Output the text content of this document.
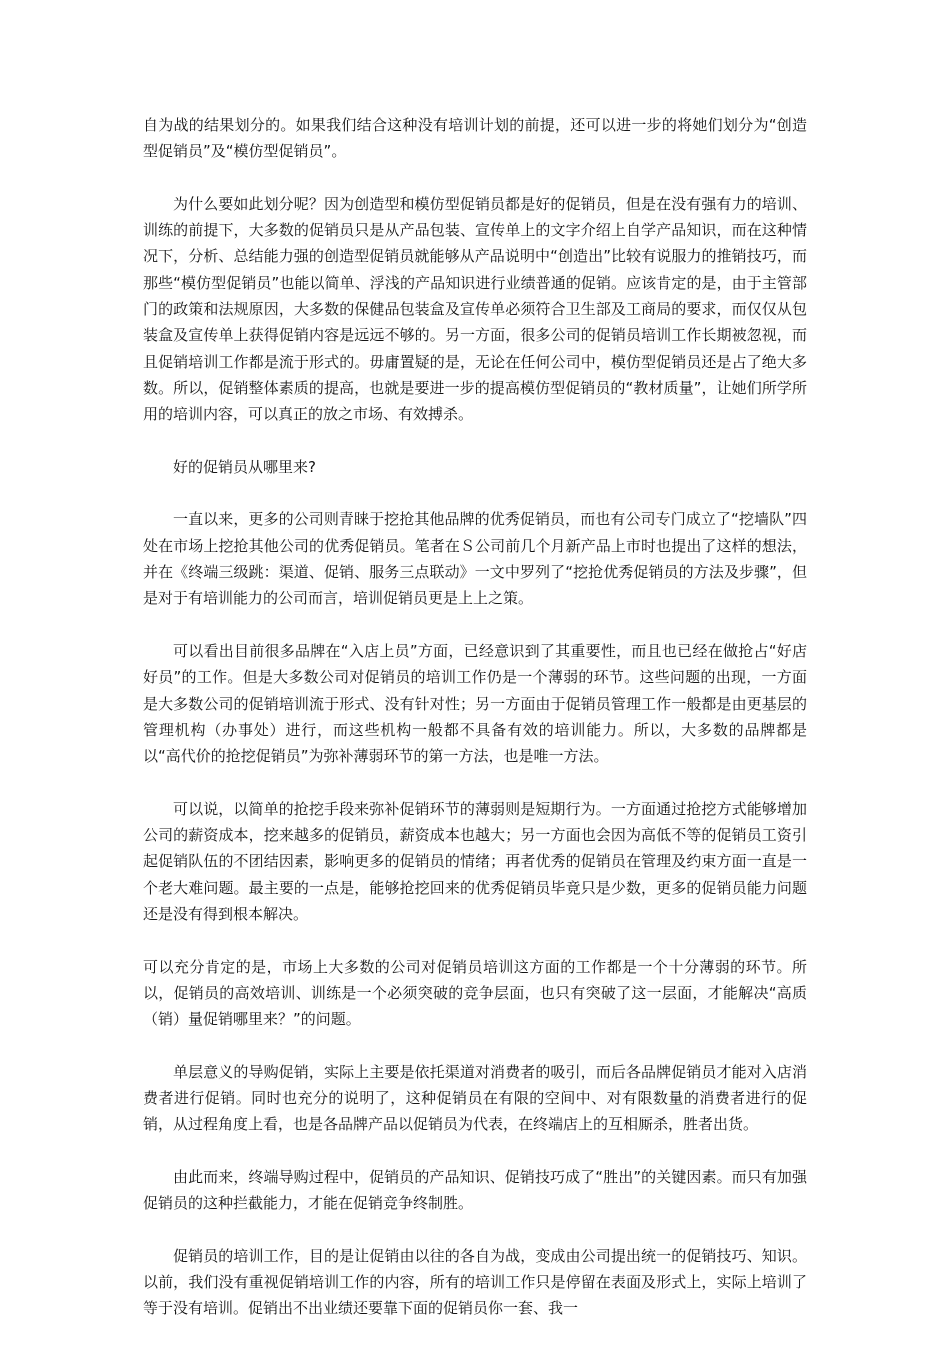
自为战的结果划分的。如果我们结合这种没有培训计划的前提，还可以进一步的将她们划分为“创造型促销员”及“模仿型促销员”。

为什么要如此划分呢？因为创造型和模仿型促销员都是好的促销员，但是在没有强有力的培训、训练的前提下，大多数的促销员只是从产品包装、宣传单上的文字介绍上自学产品知识，而在这种情况下，分析、总结能力强的创造型促销员就能够从产品说明中“创造出”比较有说服力的推销技巧，而那些“模仿型促销员”也能以简单、浮浅的产品知识进行业绩普通的促销。应该肯定的是，由于主管部门的政策和法规原因，大多数的保健品包装盒及宣传单必须符合卫生部及工商局的要求，而仅仅从包装盒及宣传单上获得促销内容是远远不够的。另一方面，很多公司的促销员培训工作长期被忽视，而且促销培训工作都是流于形式的。毋庸置疑的是，无论在任何公司中，模仿型促销员还是占了绝大多数。所以，促销整体素质的提高，也就是要进一步的提高模仿型促销员的“教材质量”，让她们所学所用的培训内容，可以真正的放之市场、有效搏杀。

好的促销员从哪里来?

一直以来，更多的公司则青睐于挖抢其他品牌的优秀促销员，而也有公司专门成立了“挖墙队”四处在市场上挖抢其他公司的优秀促销员。笔者在Ｓ公司前几个月新产品上市时也提出了这样的想法，并在《终端三级跳：渠道、促销、服务三点联动》一文中罗列了“挖抢优秀促销员的方法及步骤”，但是对于有培训能力的公司而言，培训促销员更是上上之策。

可以看出目前很多品牌在“入店上员”方面，已经意识到了其重要性，而且也已经在做抢占“好店好员”的工作。但是大多数公司对促销员的培训工作仍是一个薄弱的环节。这些问题的出现，一方面是大多数公司的促销培训流于形式、没有针对性；另一方面由于促销员管理工作一般都是由更基层的管理机构（办事处）进行，而这些机构一般都不具备有效的培训能力。所以，大多数的品牌都是以“高代价的抢挖促销员”为弥补薄弱环节的第一方法，也是唯一方法。

可以说，以简单的抢挖手段来弥补促销环节的薄弱则是短期行为。一方面通过抢挖方式能够增加公司的薪资成本，挖来越多的促销员，薪资成本也越大；另一方面也会因为高低不等的促销员工资引起促销队伍的不团结因素，影响更多的促销员的情绪；再者优秀的促销员在管理及约束方面一直是一个老大难问题。最主要的一点是，能够抢挖回来的优秀促销员毕竟只是少数，更多的促销员能力问题还是没有得到根本解决。

可以充分肯定的是，市场上大多数的公司对促销员培训这方面的工作都是一个十分薄弱的环节。所以，促销员的高效培训、训练是一个必须突破的竞争层面，也只有突破了这一层面，才能解决“高质（销）量促销哪里来？”的问题。

单层意义的导购促销，实际上主要是依托渠道对消费者的吸引，而后各品牌促销员才能对入店消费者进行促销。同时也充分的说明了，这种促销员在有限的空间中、对有限数量的消费者进行的促销，从过程角度上看，也是各品牌产品以促销员为代表，在终端店上的互相厮杀，胜者出货。

由此而来，终端导购过程中，促销员的产品知识、促销技巧成了“胜出”的关键因素。而只有加强促销员的这种拦截能力，才能在促销竞争终制胜。

促销员的培训工作，目的是让促销由以往的各自为战，变成由公司提出统一的促销技巧、知识。以前，我们没有重视促销培训工作的内容，所有的培训工作只是停留在表面及形式上，实际上培训了等于没有培训。促销出不出业绩还要靠下面的促销员你一套、我一
